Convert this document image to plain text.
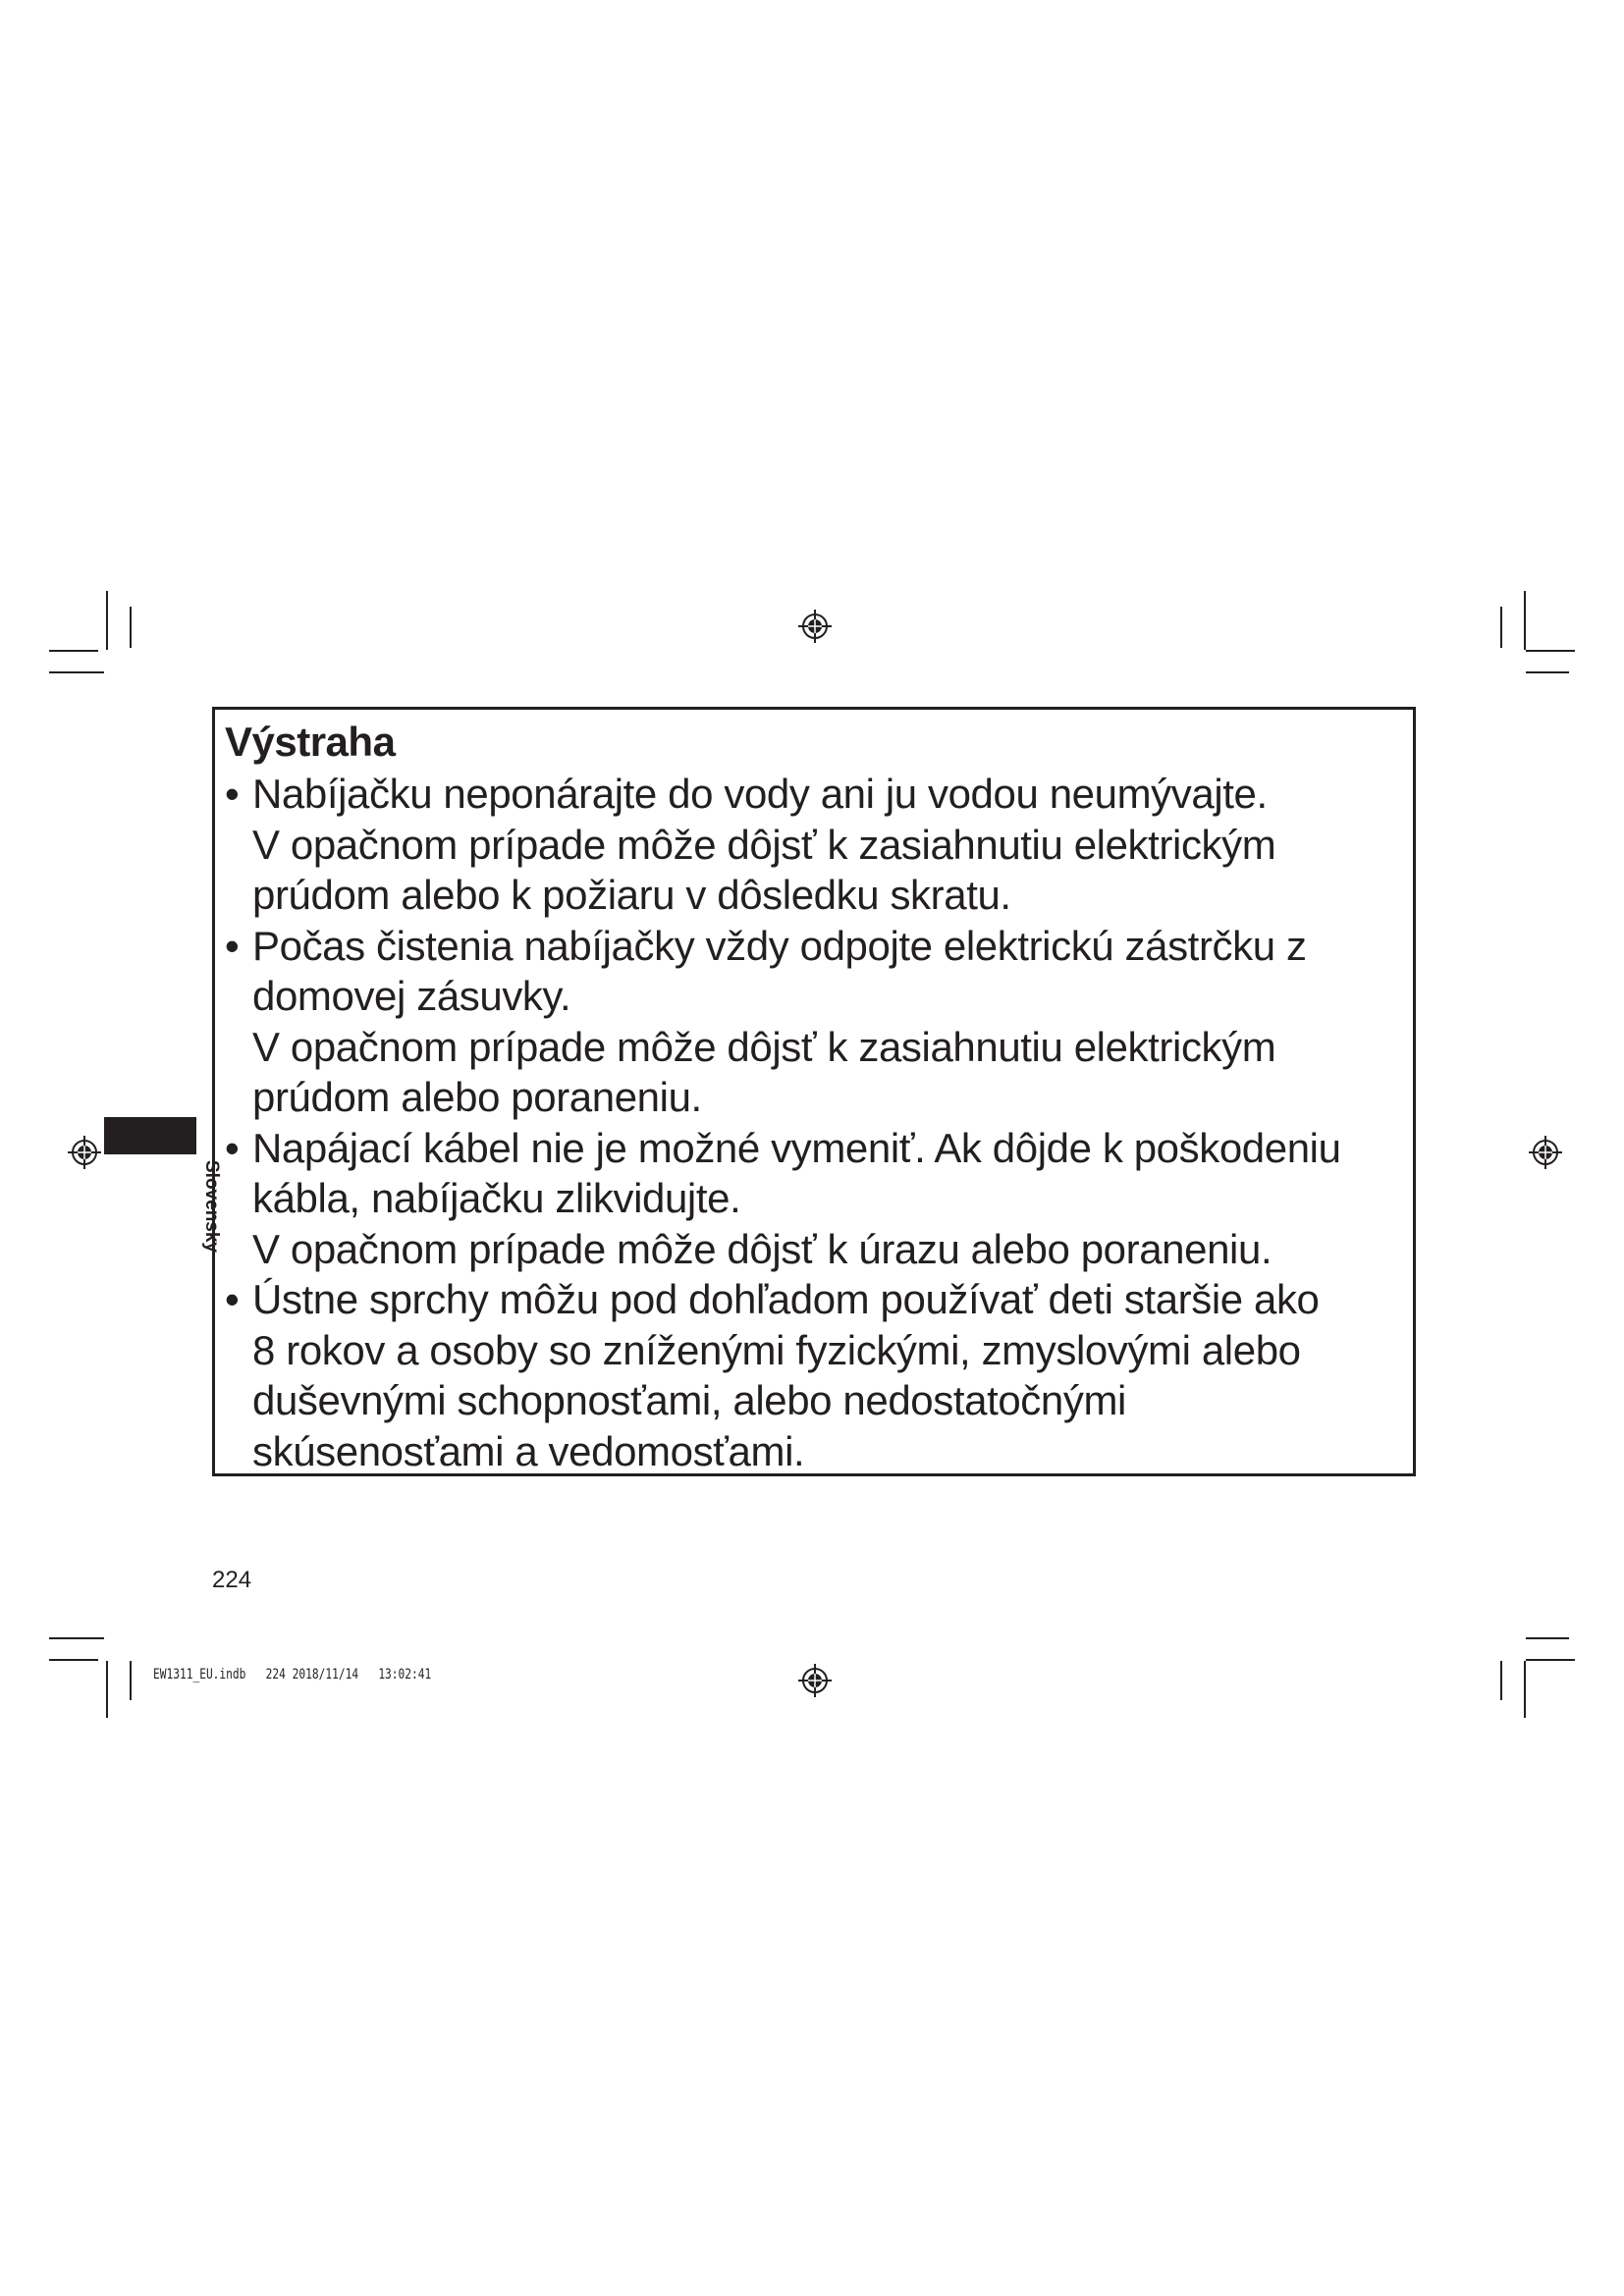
Slovensky
Výstraha
• Nabíjačku neponárajte do vody ani ju vodou neumývajte.
V opačnom prípade môže dôjsť k zasiahnutiu elektrickým
prúdom alebo k požiaru v dôsledku skratu.
• Počas čistenia nabíjačky vždy odpojte elektrickú zástrčku z
domovej zásuvky.
V opačnom prípade môže dôjsť k zasiahnutiu elektrickým
prúdom alebo poraneniu.
• Napájací kábel nie je možné vymeniť. Ak dôjde k poškodeniu
kábla, nabíjačku zlikvidujte.
V opačnom prípade môže dôjsť k úrazu alebo poraneniu.
• Ústne sprchy môžu pod dohľadom používať deti staršie ako
8 rokov a osoby so zníženými fyzickými, zmyslovými alebo
duševnými schopnosťami, alebo nedostatočnými
skúsenosťami a vedomosťami.
224
EW1311_EU.indb 224 2018/11/14 13:02:41
